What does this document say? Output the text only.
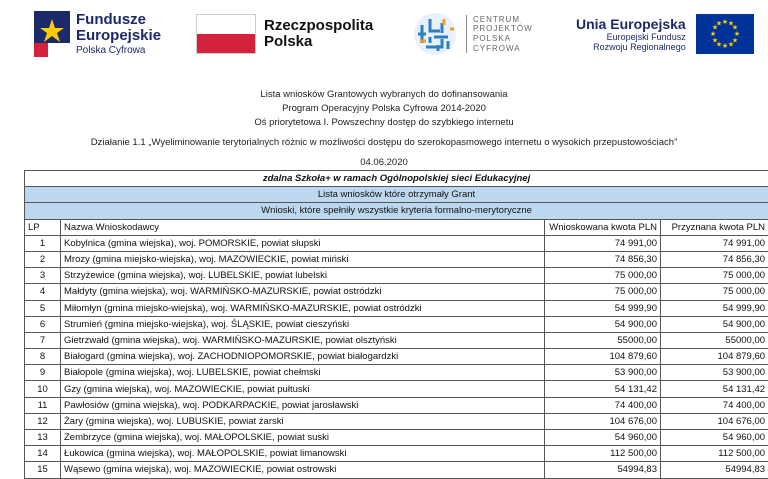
Fundusze
Europejskie
Polska Cyfrowa
Rzeczpospolita
Polska
CENTRUM
PROJEKTÓW
POLSKA
CYFROWA
Unia Europejska
Europejski Fundusz
Rozwoju Regionalnego
★ ★
★
★
★
★
★
★
★
★
★
★
Lista wniosków Grantowych wybranych do dofinansowania
Program Operacyjny Polska Cyfrowa 2014-2020
Oś priorytetowa I. Powszechny dostęp do szybkiego internetu
Działanie 1.1 „Wyeliminowanie terytorialnych różnic w możliwości dostępu do szerokopasmowego internetu o wysokich przepustowościach”
04.06.2020
zdalna Szkoła+ w ramach Ogólnopolskiej sieci Edukacyjnej			
Lista wniosków które otrzymały Grant			
Wnioski, które spełniły wszystkie kryteria formalno-merytoryczne			
LP	Nazwa Wnioskodawcy	Wnioskowana kwota PLN	Przyznana kwota PLN
1	Kobylnica (gmina wiejska), woj. POMORSKIE, powiat słupski	74 991,00	74 991,00
2	Mrozy (gmina miejsko-wiejska), woj. MAZOWIECKIE, powiat miński	74 856,30	74 856,30
3	Strzyżewice (gmina wiejska), woj. LUBELSKIE, powiat lubelski	75 000,00	75 000,00
4	Małdyty (gmina wiejska), woj. WARMIŃSKO-MAZURSKIE, powiat ostródzki	75 000,00	75 000,00
5	Miłomłyn (gmina miejsko-wiejska), woj. WARMIŃSKO-MAZURSKIE, powiat ostródzki	54 999,90	54 999,90
6	Strumień (gmina miejsko-wiejska), woj. ŚLĄSKIE, powiat cieszyński	54 900,00	54 900,00
7	Gietrzwałd (gmina wiejska), woj. WARMIŃSKO-MAZURSKIE, powiat olsztyński	55000,00	55000,00
8	Białogard (gmina wiejska), woj. ZACHODNIOPOMORSKIE, powiat białogardzki	104 879,60	104 879,60
9	Białopole (gmina wiejska), woj. LUBELSKIE, powiat chełmski	53 900,00	53 900,00
10	Gzy (gmina wiejska), woj. MAZOWIECKIE, powiat pułtuski	54 131,42	54 131,42
11	Pawłosiów (gmina wiejska), woj. PODKARPACKIE, powiat jarosławski	74 400,00	74 400,00
12	Żary (gmina wiejska), woj. LUBUSKIE, powiat żarski	104 676,00	104 676,00
13	Zembrzyce (gmina wiejska), woj. MAŁOPOLSKIE, powiat suski	54 960,00	54 960,00
14	Łukowica (gmina wiejska), woj. MAŁOPOLSKIE, powiat limanowski	112 500,00	112 500,00
15	Wąsewo (gmina wiejska), woj. MAZOWIECKIE, powiat ostrowski	54994,83	54994,83
